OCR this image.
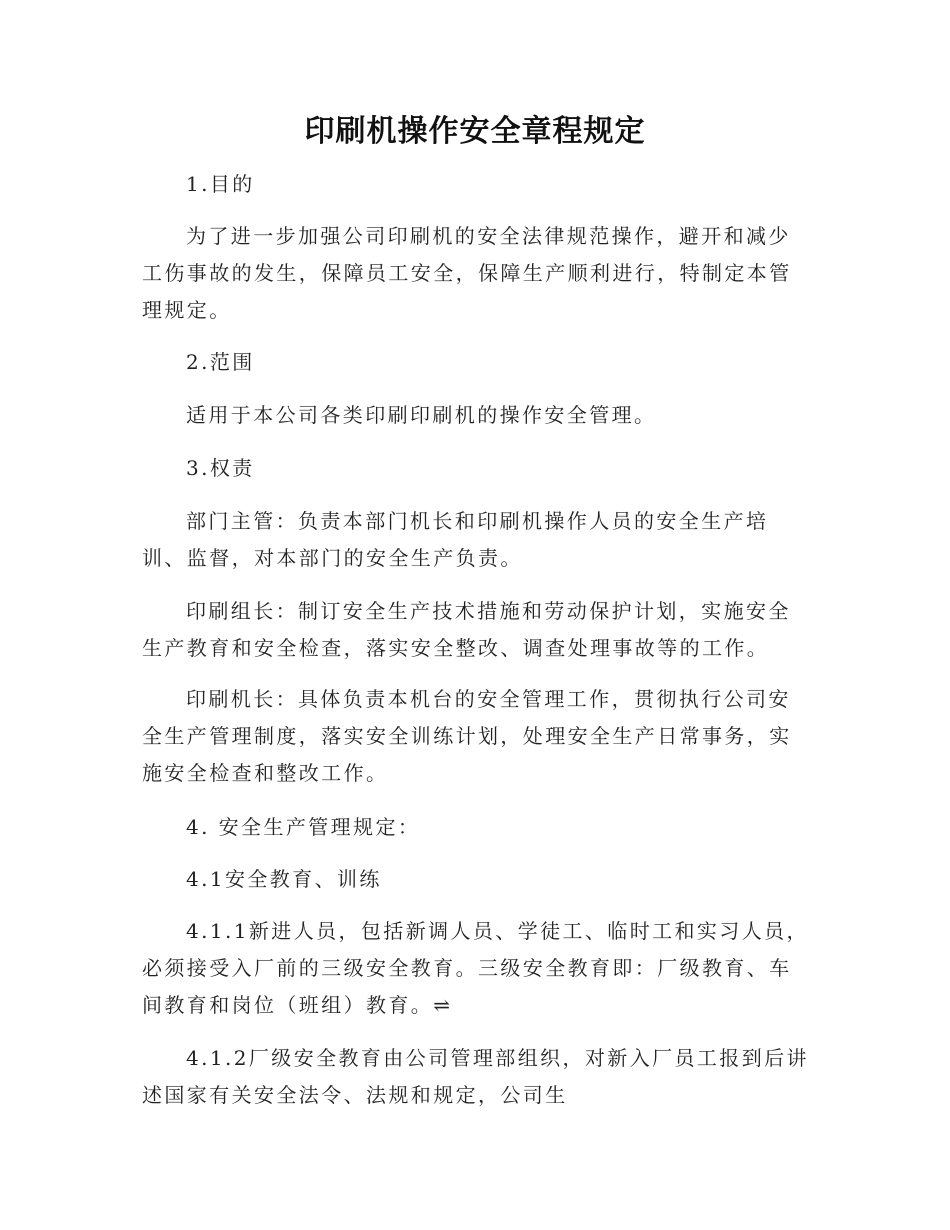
印刷机操作安全章程规定

1.目的

为了进一步加强公司印刷机的安全法律规范操作，避开和减少工伤事故的发生，保障员工安全，保障生产顺利进行，特制定本管理规定。

2.范围

适用于本公司各类印刷印刷机的操作安全管理。

3.权责

部门主管：负责本部门机长和印刷机操作人员的安全生产培训、监督，对本部门的安全生产负责。

印刷组长：制订安全生产技术措施和劳动保护计划，实施安全生产教育和安全检查，落实安全整改、调查处理事故等的工作。

印刷机长：具体负责本机台的安全管理工作，贯彻执行公司安全生产管理制度，落实安全训练计划，处理安全生产日常事务，实施安全检查和整改工作。

4. 安全生产管理规定：

4.1安全教育、训练

4.1.1新进人员，包括新调人员、学徒工、临时工和实习人员，必须接受入厂前的三级安全教育。三级安全教育即：厂级教育、车间教育和岗位（班组）教育。⇌

4.1.2厂级安全教育由公司管理部组织，对新入厂员工报到后讲述国家有关安全法令、法规和规定，公司生
